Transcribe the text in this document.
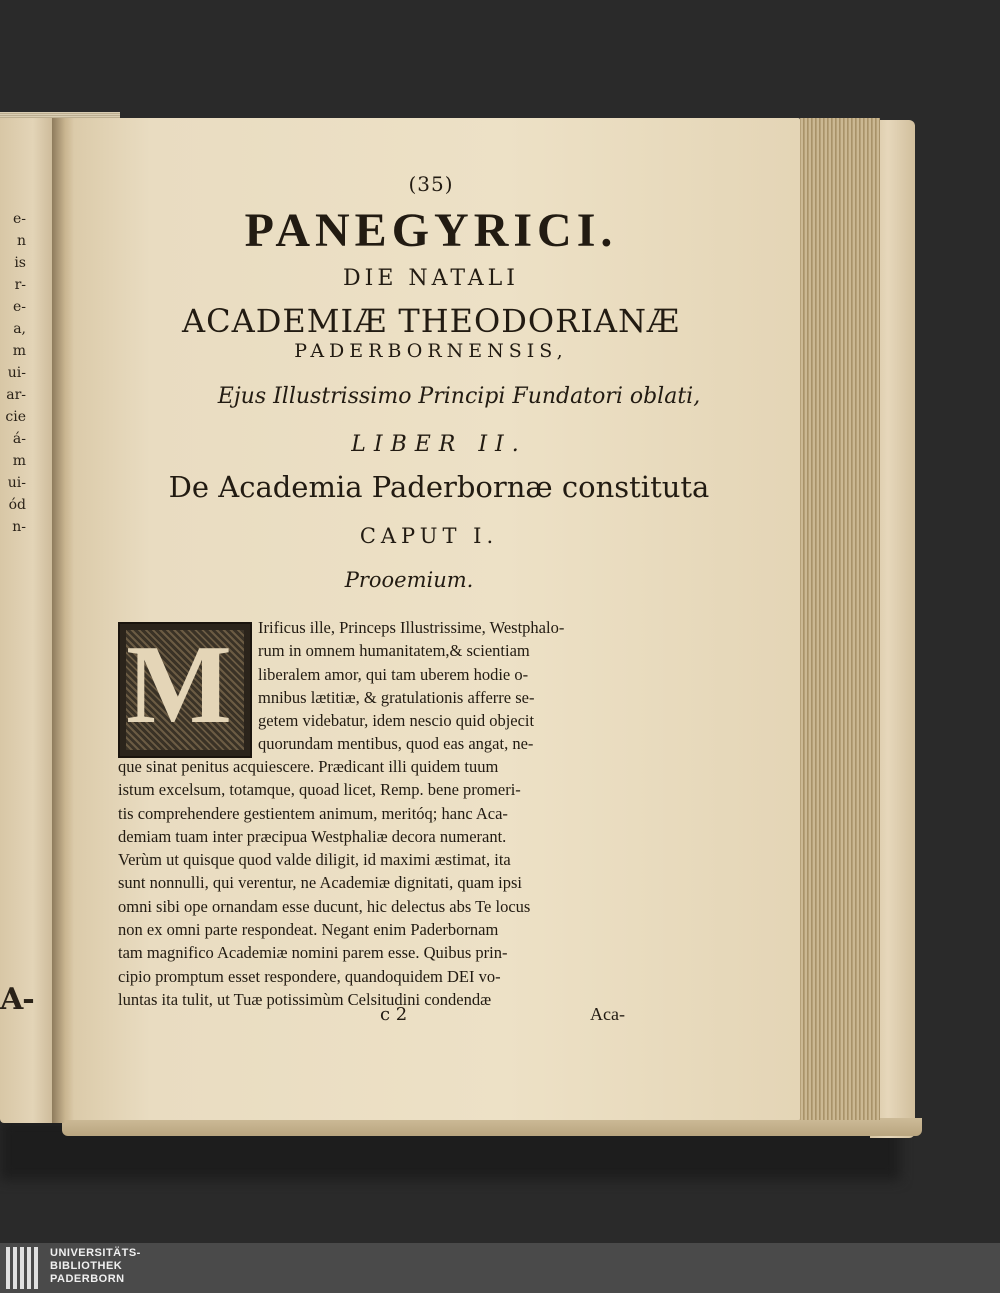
e-
n
is
r-
e-
a,
m
ui-
ar-
cie
á-
m
ui-
ód
n-
A-
(35)
PANEGYRICI.
DIE NATALI
ACADEMIÆ THEODORIANÆ
PADERBORNENSIS,
Ejus Illustrissimo Principi Fundatori oblati,
LIBER II.
De Academia Paderbornæ constituta
CAPUT I.
Prooemium.
M	Irificus ille, Princeps Illustrissime, Westphalo-
rum in omnem humanitatem,& scientiam
liberalem amor, qui tam uberem hodie o-
mnibus lætitiæ, & gratulationis afferre se-
getem videbatur, idem nescio quid objecit
quorundam mentibus, quod eas angat, ne-
que sinat penitus acquiescere. Prædicant illi quidem tuum
istum excelsum, totamque, quoad licet, Remp. bene promeri-
tis comprehendere gestientem animum, meritóq; hanc Aca-
demiam tuam inter præcipua Westphaliæ decora numerant.
Verùm ut quisque quod valde diligit, id maximi æstimat, ita
sunt nonnulli, qui verentur, ne Academiæ dignitati, quam ipsi
omni sibi ope ornandam esse ducunt, hic delectus abs Te locus
non ex omni parte respondeat. Negant enim Paderbornam
tam magnifico Academiæ nomini parem esse. Quibus prin-
cipio promptum esset respondere, quandoquidem DEI vo-
luntas ita tulit, ut Tuæ potissimùm Celsitudini condendæ
c 2	Aca-
UNIVERSITÄTS-
BIBLIOTHEK
PADERBORN
